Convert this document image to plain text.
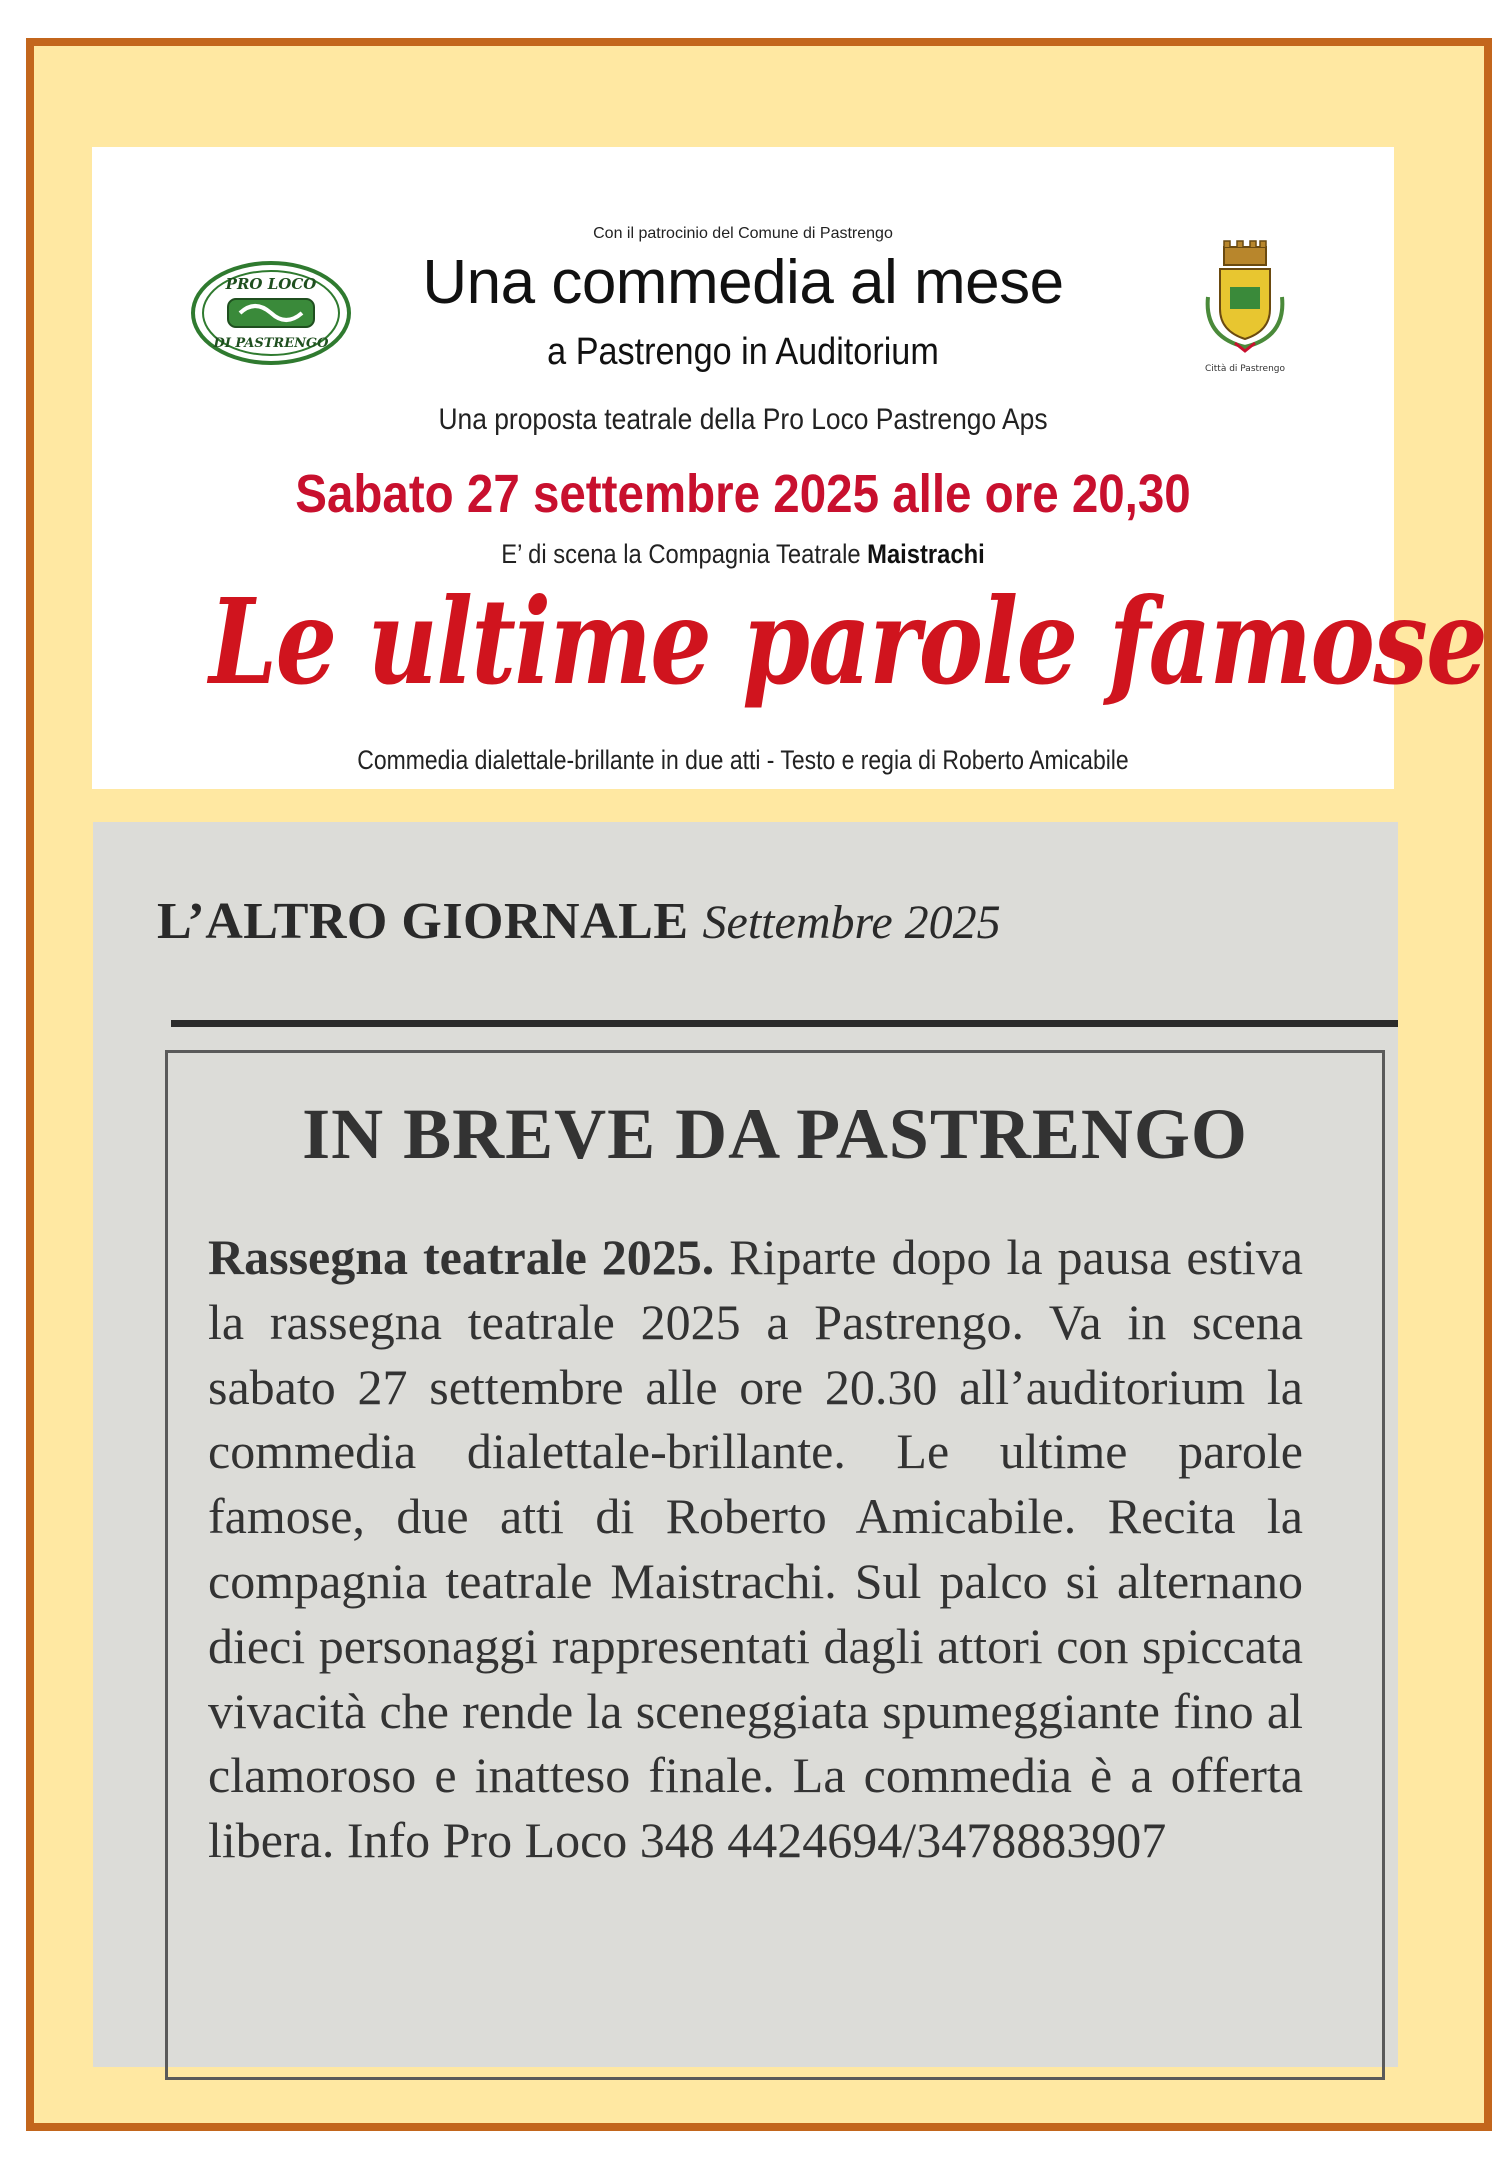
Con il patrocinio del Comune di Pastrengo
Una commedia al mese
a Pastrengo in Auditorium
Una proposta teatrale della Pro Loco Pastrengo Aps
Sabato 27 settembre 2025 alle ore 20,30
E’ di scena la Compagnia Teatrale Maistrachi
Le ultime parole famose
Commedia dialettale-brillante in due atti - Testo e regia di Roberto Amicabile
PRO LOCO
DI PASTRENGO
Città di Pastrengo
L’ALTRO GIORNALE Settembre 2025
IN BREVE DA PASTRENGO
Rassegna teatrale 2025. Riparte dopo la pausa estiva la rassegna teatrale 2025 a Pastrengo. Va in scena sabato 27 settembre alle ore 20.30 all’auditorium la commedia dialettale-brillante. Le ultime parole famose, due atti di Roberto Amicabile. Recita la compagnia teatrale Maistrachi. Sul palco si alternano dieci personaggi rappresentati dagli attori con spiccata vivacità che rende la sceneggiata spumeggiante fino al clamoroso e inatteso finale. La commedia è a offerta libera. Info Pro Loco 348 4424694/3478883907
